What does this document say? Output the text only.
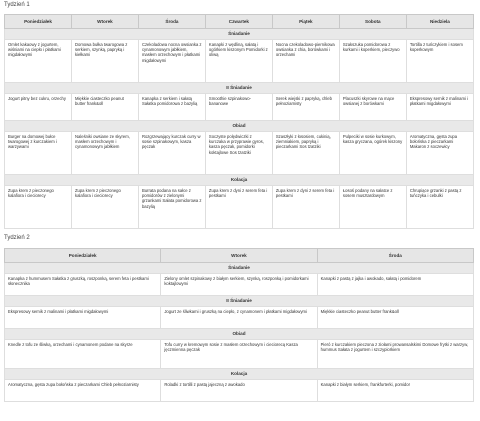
Tydzień 1
Poniedziałek	Wtorek	Środa	Czwartek	Piątek	Sobota	Niedziela
Śniadanie						
Omlet kakaowy z jogurtem, wiśniami na ciepło i płatkami migdałowymi	Domowa bułka twarogowa z serkiem, szynką, papryką i kiełkami	Czekoladowa nocna owsianka z cynamonowym jabłkiem, masłem orzechowym i płatkami migdałowymi	Kanapki z wędliną, sałatą i ogórkiem kiszonym Pomidorki z oliwą	Nocna czekoladowo-piernikowa owsianka z chia, borówkami i orzechami	Szakszuka pomidorowa z kurkami i koperkiem, pieczywo	Tortilla z tuńczykiem i sosem koperkowym
II Śniadanie						
Jogurt pitny bez cukru, orzechy	Miękkie ciasteczko peanut butter frank&oll	Kanapka z serkiem i sałatą Sałatka pomidorowa z bazylią	Smoothie szpinakowo-bananowe	Serek wiejski z papryką, chleb pełnoziarnisty	Placuszki skyrowe na mące owsianej z borówkami	Ekspresowy sernik z malinami i płatkami migdałowymi
Obiad						
Burger na domowej bułce twarogowej z kurczakiem i warzywami	Naleśniki owsiane ze skyrem, masłem orzechowym i cynamonowym jabłkiem	Rozgrzewający kurczak curry w sosie szpinakowym, kasza pęczak	Soczyste polędwiczki z kurczaka w przyprawie gyros, kasza pęczak, pomidorki koktajlowe Sos tzatziki	Szaszłyki z łososiem, cukinią, ziemniakiem, papryką i pieczarkami Sos tzatziki	Pulpeciki w sosie kurkowym, kasza gryczana, ogórek kiszony	Aromatyczna, gęsta zupa bołońska z pieczarkami Makaron z soczewicy
Kolacja						
Zupa krem z pieczonego kalafiora i cieciorecy	Zupa krem z pieczonego kalafiora i cieciorecy	Burrata podana na sałce z pomidorów z zielonymi grzankami Sałata pomidorowa z bazylią	Zupa krem z dyni z serem feta i pestkami	Zupa krem z dyni z serem feta i pestkami	Łosoś podany na sałatce z sosem musztardowym	Chrupiące grzanki z pastą z tuńczyka i cebulki
Tydzień 2
Poniedziałek	Wtorek	Środa
Śniadanie		
Kanapka z hummusem Sałatka z gruszką, roszponką, serem feta i pestkami słonecznika	Zielony omlet szpinakowy z białym serkiem, szynką, roszponką i pomidorkami koktajlowymi	Kanapki z pastą z jajka i awokado, sałatą i pomidorem
II Śniadanie		
Ekspresowy sernik z malinami i płatkami migdałowymi	Jogurt ze śliwkami i gruszką na ciepło, z cynamonem i płatkami migdałowymi	Miękkie ciasteczko peanut butter frank&oll
Obiad		
Knedle z tofu ze śliwką, orzechami i cynamonem podane na skyrze	Tofu curry w kremowym sosie z masłem orzechowym i cieciorecą Kasza jęczmienna pęczak	Pieró z kurczakiem pieczona z ziołami prowansalskimi Domowe frytki z warzyw, hummus Sałata z jogurtem i szczypiorkiem
Kolacja		
Aromatyczna, gęsta zupa bołońska z pieczarkami Chleb pełnoziarnisty	Roladki z tortilli z pastą jajeczną z awokado	Kanapki z białym serkiem, frankfurterki, pomidor
